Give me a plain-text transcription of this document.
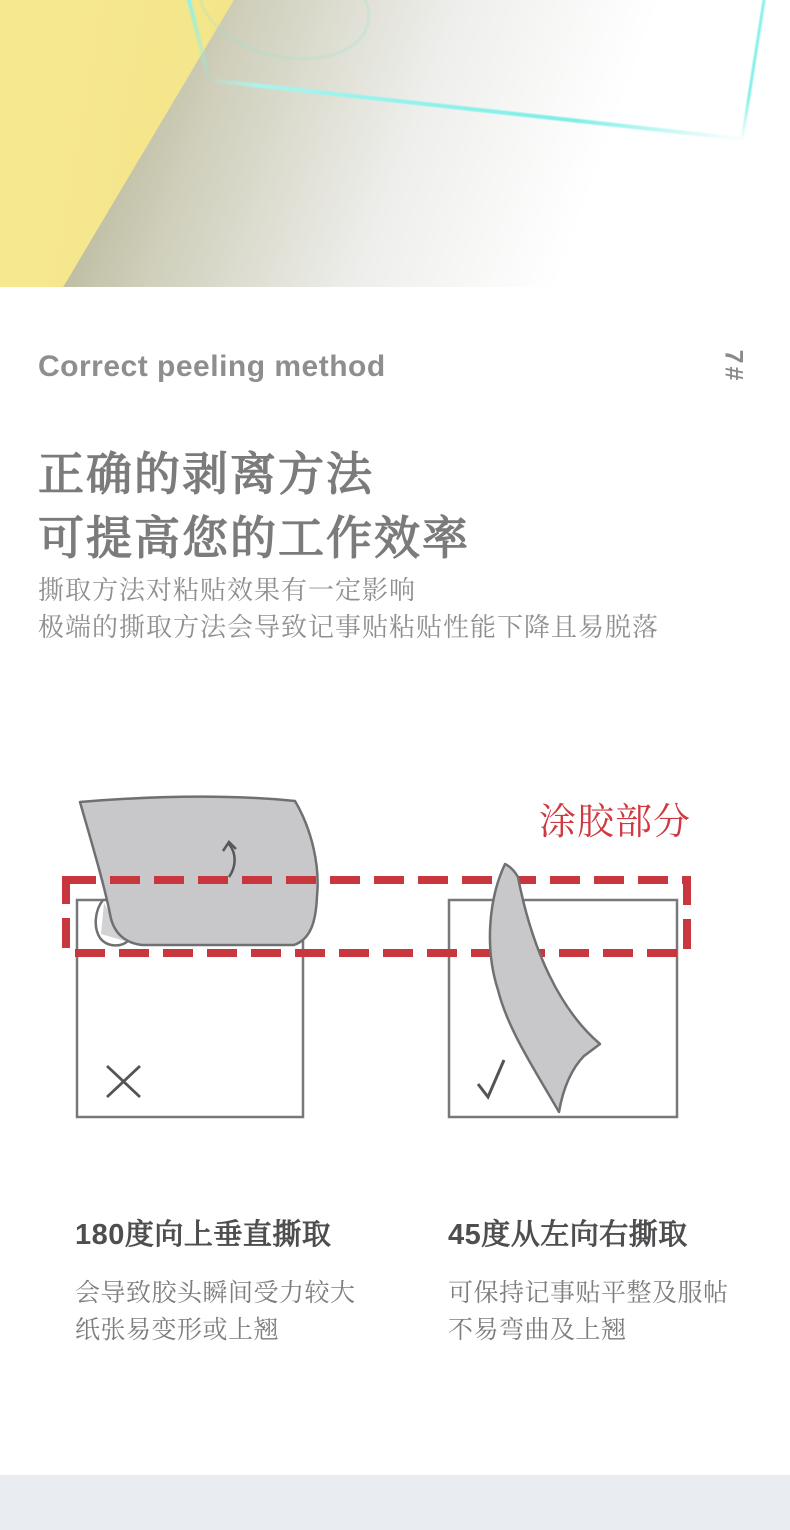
Correct peeling method	7#
正确的剥离方法
可提高您的工作效率
撕取方法对粘贴效果有一定影响
极端的撕取方法会导致记事贴粘贴性能下降且易脱落
涂胶部分
180度向上垂直撕取

会导致胶头瞬间受力较大
纸张易变形或上翘

45度从左向右撕取

可保持记事贴平整及服帖
不易弯曲及上翘
